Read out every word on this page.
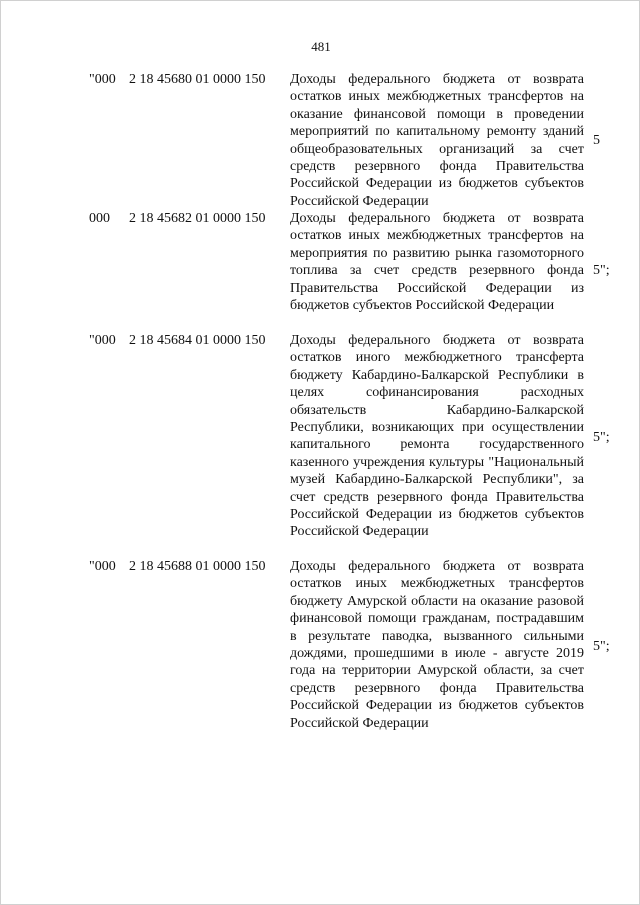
481
"000 2 18 45680 01 0000 150 Доходы федерального бюджета от возврата остатков иных межбюджетных трансфертов на оказание финансовой помощи в проведении мероприятий по капитальному ремонту зданий общеобразовательных организаций за счет средств резервного фонда Правительства Российской Федерации из бюджетов субъектов Российской Федерации
5
000 2 18 45682 01 0000 150 Доходы федерального бюджета от возврата остатков иных межбюджетных трансфертов на мероприятия по развитию рынка газомоторного топлива за счет средств резервного фонда Правительства Российской Федерации из бюджетов субъектов Российской Федерации
5";
"000 2 18 45684 01 0000 150 Доходы федерального бюджета от возврата остатков иного межбюджетного трансферта бюджету Кабардино-Балкарской Республики в целях софинансирования расходных обязательств Кабардино-Балкарской Республики, возникающих при осуществлении капитального ремонта государственного казенного учреждения культуры "Национальный музей Кабардино-Балкарской Республики", за счет средств резервного фонда Правительства Российской Федерации из бюджетов субъектов Российской Федерации
5";
"000 2 18 45688 01 0000 150 Доходы федерального бюджета от возврата остатков иных межбюджетных трансфертов бюджету Амурской области на оказание разовой финансовой помощи гражданам, пострадавшим в результате паводка, вызванного сильными дождями, прошедшими в июле - августе 2019 года на территории Амурской области, за счет средств резервного фонда Правительства Российской Федерации из бюджетов субъектов Российской Федерации
5";
